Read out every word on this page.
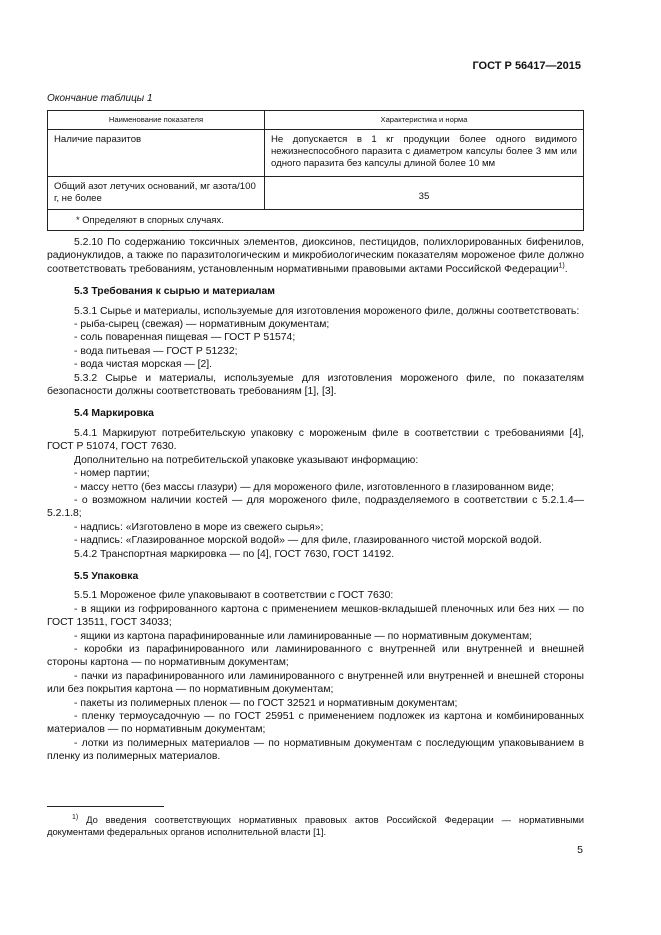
ГОСТ Р 56417—2015
Окончание таблицы 1
Наименование показателя	Характеристика и норма
Наличие паразитов	Не допускается в 1 кг продукции более одного видимого нежизнеспособного паразита с диаметром капсулы более 3 мм или одного паразита без капсулы длиной более 10 мм
Общий азот летучих оснований, мг азота/100 г, не более	35
* Определяют в спорных случаях.	

5.2.10 По содержанию токсичных элементов, диоксинов, пестицидов, полихлорированных бифенилов, радионуклидов, а также по паразитологическим и микробиологическим показателям мороженое филе должно соответствовать требованиям, установленным нормативными правовыми актами Российской Федерации$^{1)}$.

5.3 Требования к сырью и материалам

5.3.1 Сырье и материалы, используемые для изготовления мороженого филе, должны соответствовать:

- рыба-сырец (свежая) — нормативным документам;

- соль поваренная пищевая — ГОСТ Р 51574;

- вода питьевая — ГОСТ Р 51232;

- вода чистая морская — [2].

5.3.2 Сырье и материалы, используемые для изготовления мороженого филе, по показателям безопасности должны соответствовать требованиям [1], [3].

5.4 Маркировка

5.4.1 Маркируют потребительскую упаковку с мороженым филе в соответствии с требованиями [4], ГОСТ Р 51074, ГОСТ 7630.

Дополнительно на потребительской упаковке указывают информацию:

- номер партии;

- массу нетто (без массы глазури) — для мороженого филе, изготовленного в глазированном виде;

- о возможном наличии костей — для мороженого филе, подразделяемого в соответствии с 5.2.1.4—5.2.1.8;

- надпись: «Изготовлено в море из свежего сырья»;

- надпись: «Глазированное морской водой» — для филе, глазированного чистой морской водой.

5.4.2 Транспортная маркировка — по [4], ГОСТ 7630, ГОСТ 14192.

5.5 Упаковка

5.5.1 Мороженое филе упаковывают в соответствии с ГОСТ 7630:

- в ящики из гофрированного картона с применением мешков-вкладышей пленочных или без них — по ГОСТ 13511, ГОСТ 34033;

- ящики из картона парафинированные или ламинированные — по нормативным документам;

- коробки из парафинированного или ламинированного с внутренней или внутренней и внешней стороны картона — по нормативным документам;

- пачки из парафинированного или ламинированного с внутренней или внутренней и внешней стороны или без покрытия картона — по нормативным документам;

- пакеты из полимерных пленок — по ГОСТ 32521 и нормативным документам;

- пленку термоусадочную — по ГОСТ 25951 с применением подложек из картона и комбинированных материалов — по нормативным документам;

- лотки из полимерных материалов — по нормативным документам с последующим упаковыванием в пленку из полимерных материалов.

$^{1)}$ До введения соответствующих нормативных правовых актов Российской Федерации — нормативными документами федеральных органов исполнительной власти [1].

5
